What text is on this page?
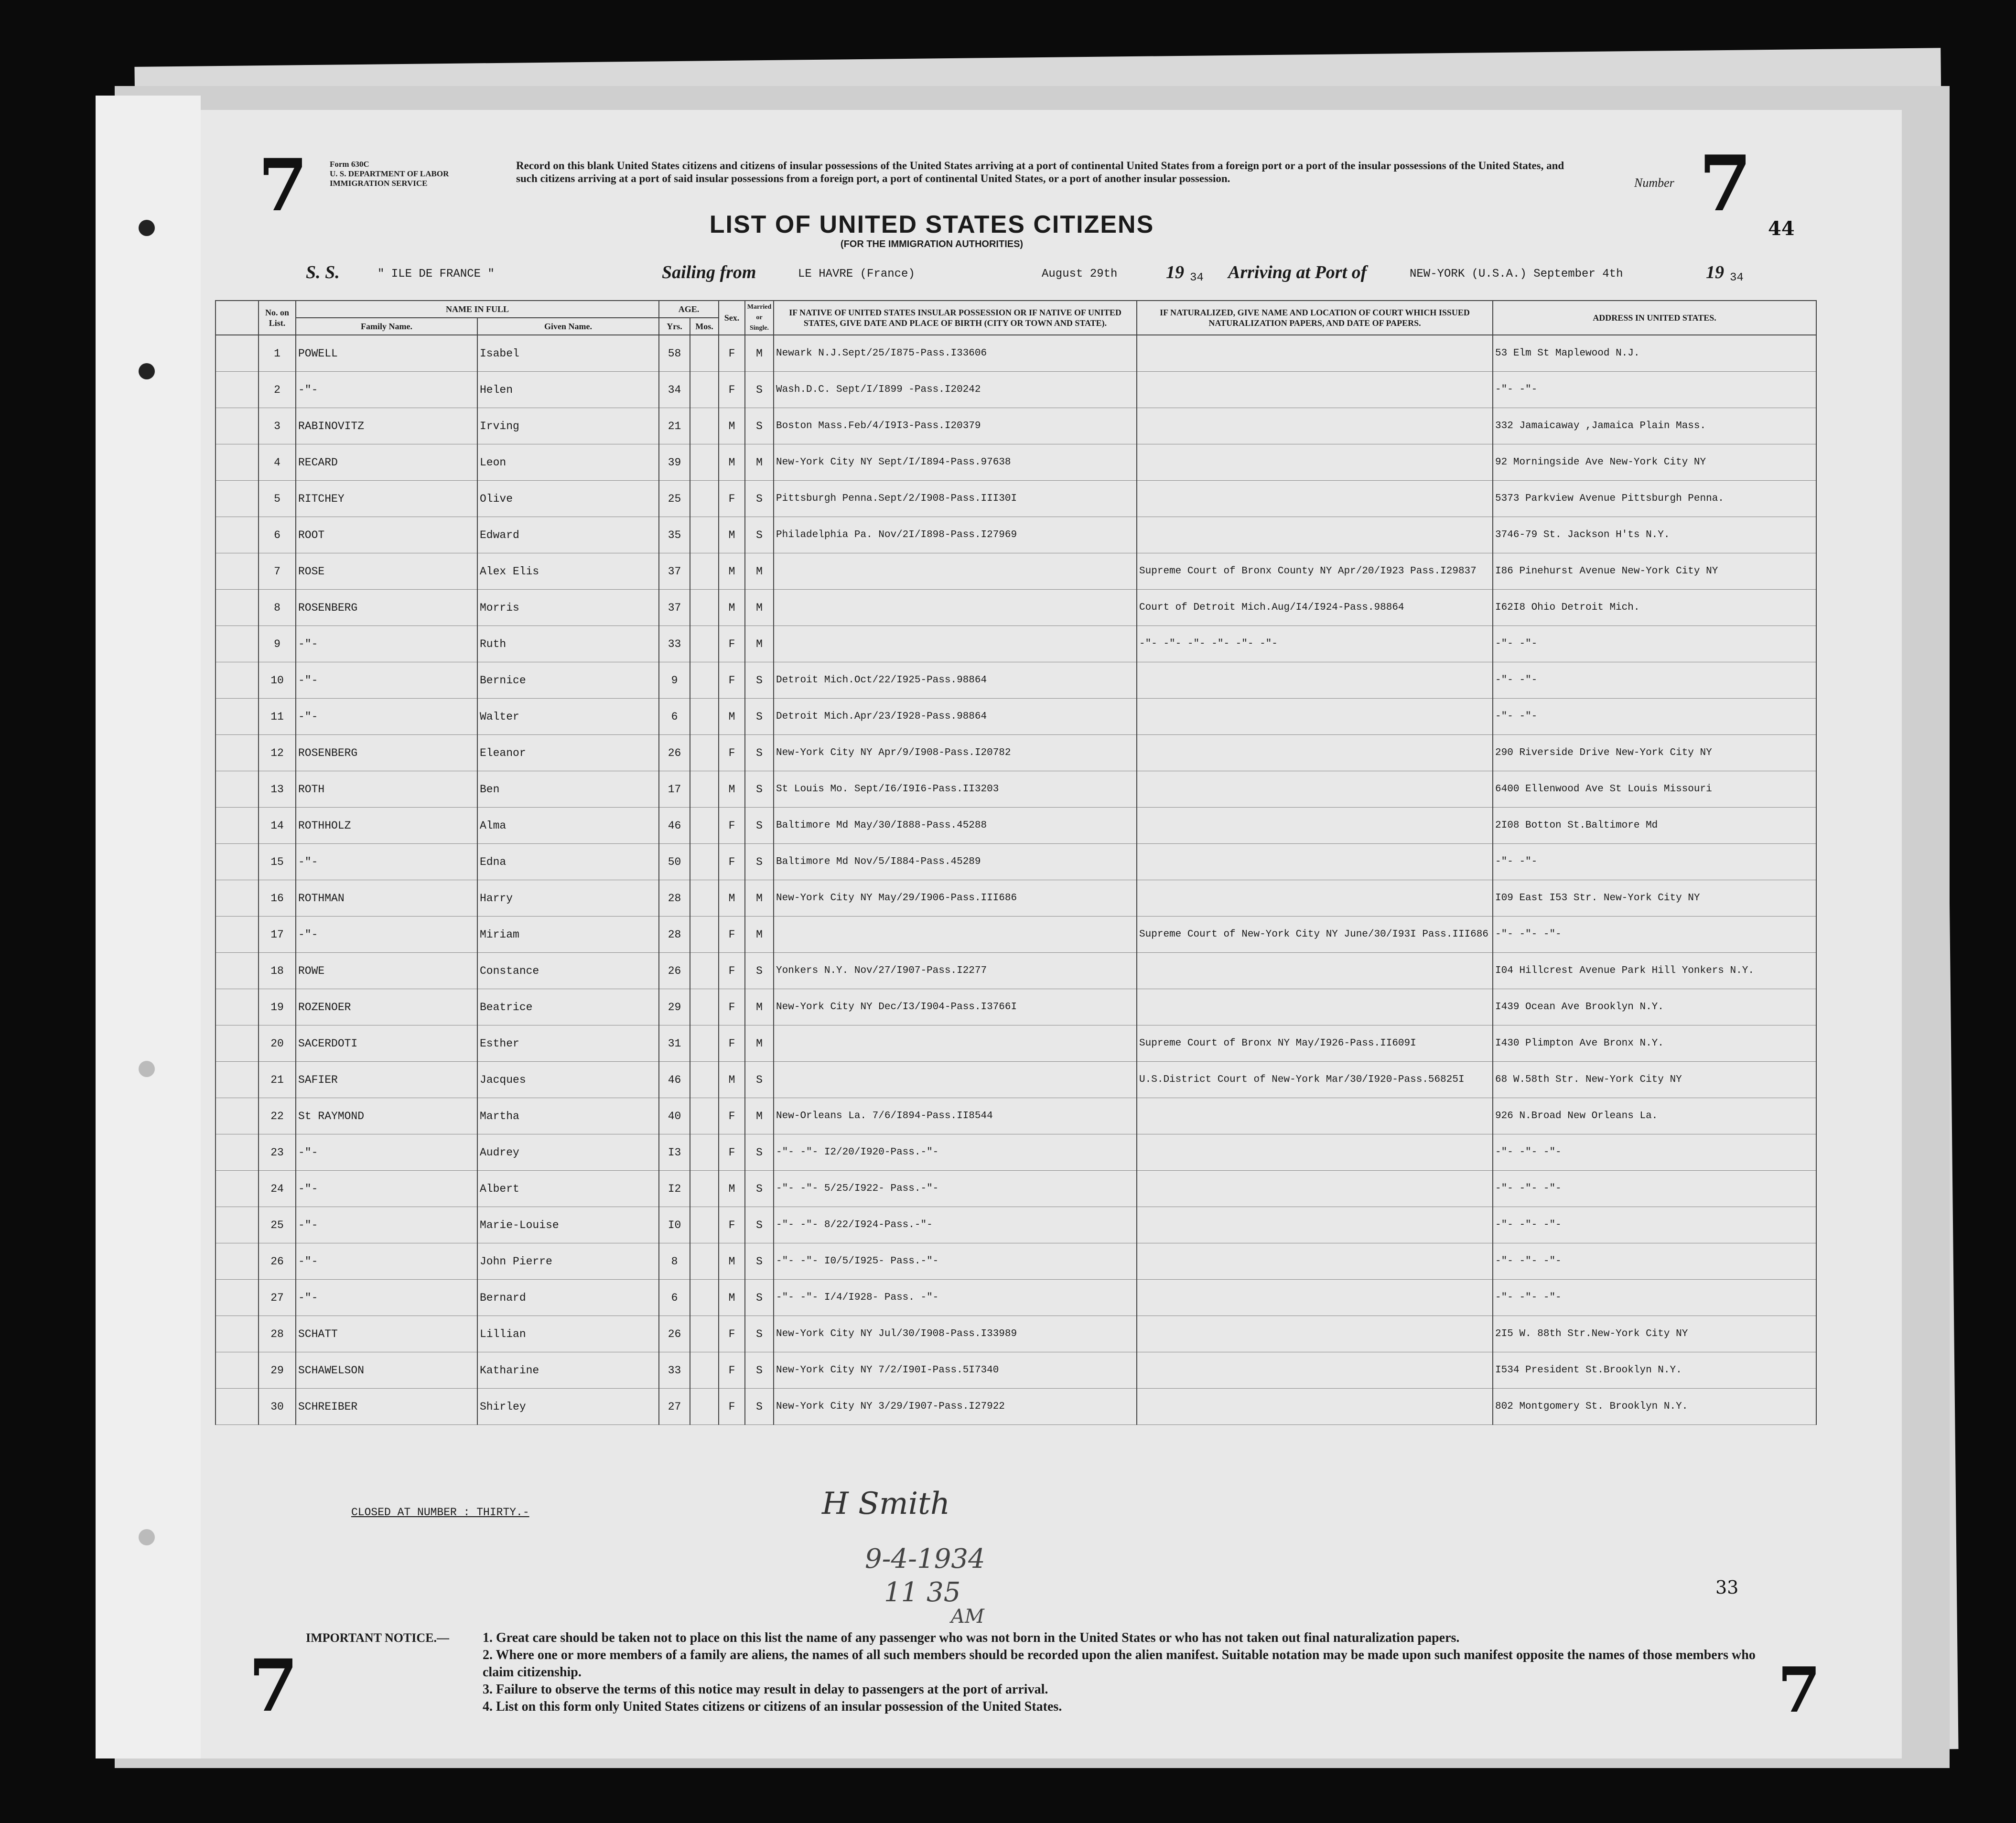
7	Form 630C
U. S. DEPARTMENT OF LABOR
IMMIGRATION SERVICE
Record on this blank United States citizens and citizens of insular possessions of the United States arriving at a port of continental United States from a foreign port or a port of the insular possessions of the United States, and such citizens arriving at a port of said insular possessions from a foreign port, a port of continental United States, or a port of another insular possession.	Number 7
44
LIST OF UNITED STATES CITIZENS
(FOR THE IMMIGRATION AUTHORITIES)
S. S.	" ILE DE FRANCE "	Sailing from	LE HAVRE (France)	August 29th	19 34 Arriving at Port of	NEW-YORK (U.S.A.) September 4th	19 34
	No. on List.	NAME IN FULL		AGE.		Sex.	Married or Single.	IF NATIVE OF UNITED STATES INSULAR POSSESSION OR IF NATIVE OF UNITED STATES, GIVE DATE AND PLACE OF BIRTH (CITY OR TOWN AND STATE).	IF NATURALIZED, GIVE NAME AND LOCATION OF COURT WHICH ISSUED NATURALIZATION PAPERS, AND DATE OF PAPERS.	ADDRESS IN UNITED STATES.
		Family Name.	Given Name.	Yrs.	Mos.					
	1	POWELL	Isabel	58		F	M	Newark N.J.Sept/25/I875-Pass.I33606		53 Elm St Maplewood N.J.
	2	-"-	Helen	34		F	S	Wash.D.C. Sept/I/I899 -Pass.I20242		-"- -"-
	3	RABINOVITZ	Irving	21		M	S	Boston Mass.Feb/4/I9I3-Pass.I20379		332 Jamaicaway ,Jamaica Plain Mass.
	4	RECARD	Leon	39		M	M	New-York City NY Sept/I/I894-Pass.97638		92 Morningside Ave New-York City NY
	5	RITCHEY	Olive	25		F	S	Pittsburgh Penna.Sept/2/I908-Pass.III30I		5373 Parkview Avenue Pittsburgh Penna.
	6	ROOT	Edward	35		M	S	Philadelphia Pa. Nov/2I/I898-Pass.I27969		3746-79 St. Jackson H'ts N.Y.
	7	ROSE	Alex Elis	37		M	M		Supreme Court of Bronx County NY Apr/20/I923 Pass.I29837	I86 Pinehurst Avenue New-York City NY
	8	ROSENBERG	Morris	37		M	M		Court of Detroit Mich.Aug/I4/I924-Pass.98864	I62I8 Ohio Detroit Mich.
	9	-"-	Ruth	33		F	M		-"- -"- -"- -"- -"- -"-	-"- -"-
	10	-"-	Bernice	9		F	S	Detroit Mich.Oct/22/I925-Pass.98864		-"- -"-
	11	-"-	Walter	6		M	S	Detroit Mich.Apr/23/I928-Pass.98864		-"- -"-
	12	ROSENBERG	Eleanor	26		F	S	New-York City NY Apr/9/I908-Pass.I20782		290 Riverside Drive New-York City NY
	13	ROTH	Ben	17		M	S	St Louis Mo. Sept/I6/I9I6-Pass.II3203		6400 Ellenwood Ave St Louis Missouri
	14	ROTHHOLZ	Alma	46		F	S	Baltimore Md May/30/I888-Pass.45288		2I08 Botton St.Baltimore Md
	15	-"-	Edna	50		F	S	Baltimore Md Nov/5/I884-Pass.45289		-"- -"-
	16	ROTHMAN	Harry	28		M	M	New-York City NY May/29/I906-Pass.III686		I09 East I53 Str. New-York City NY
	17	-"-	Miriam	28		F	M		Supreme Court of New-York City NY June/30/I93I Pass.III686	-"- -"- -"-
	18	ROWE	Constance	26		F	S	Yonkers N.Y. Nov/27/I907-Pass.I2277		I04 Hillcrest Avenue Park Hill Yonkers N.Y.
	19	ROZENOER	Beatrice	29		F	M	New-York City NY Dec/I3/I904-Pass.I3766I		I439 Ocean Ave Brooklyn N.Y.
	20	SACERDOTI	Esther	31		F	M		Supreme Court of Bronx NY May/I926-Pass.II609I	I430 Plimpton Ave Bronx N.Y.
	21	SAFIER	Jacques	46		M	S		U.S.District Court of New-York Mar/30/I920-Pass.56825I	68 W.58th Str. New-York City NY
	22	St RAYMOND	Martha	40		F	M	New-Orleans La. 7/6/I894-Pass.II8544		926 N.Broad New Orleans La.
	23	-"-	Audrey	I3		F	S	-"- -"- I2/20/I920-Pass.-"-		-"- -"- -"-
	24	-"-	Albert	I2		M	S	-"- -"- 5/25/I922- Pass.-"-		-"- -"- -"-
	25	-"-	Marie-Louise	I0		F	S	-"- -"- 8/22/I924-Pass.-"-		-"- -"- -"-
	26	-"-	John Pierre	8		M	S	-"- -"- I0/5/I925- Pass.-"-		-"- -"- -"-
	27	-"-	Bernard	6		M	S	-"- -"- I/4/I928- Pass. -"-		-"- -"- -"-
	28	SCHATT	Lillian	26		F	S	New-York City NY Jul/30/I908-Pass.I33989		2I5 W. 88th Str.New-York City NY
	29	SCHAWELSON	Katharine	33		F	S	New-York City NY 7/2/I90I-Pass.5I7340		I534 President St.Brooklyn N.Y.
	30	SCHREIBER	Shirley	27		F	S	New-York City NY 3/29/I907-Pass.I27922		802 Montgomery St. Brooklyn N.Y.
CLOSED AT NUMBER : THIRTY.-	H Smith
9-4-1934
11 35
AM
33
IMPORTANT NOTICE.— 1. Great care should be taken not to place on this list the name of any passenger who was not born in the United States or who has not taken out final naturalization papers.
2. Where one or more members of a family are aliens, the names of all such members should be recorded upon the alien manifest. Suitable notation may be made upon such manifest opposite the names of those members who claim citizenship.
3. Failure to observe the terms of this notice may result in delay to passengers at the port of arrival.
4. List on this form only United States citizens or citizens of an insular possession of the United States.
7	7
